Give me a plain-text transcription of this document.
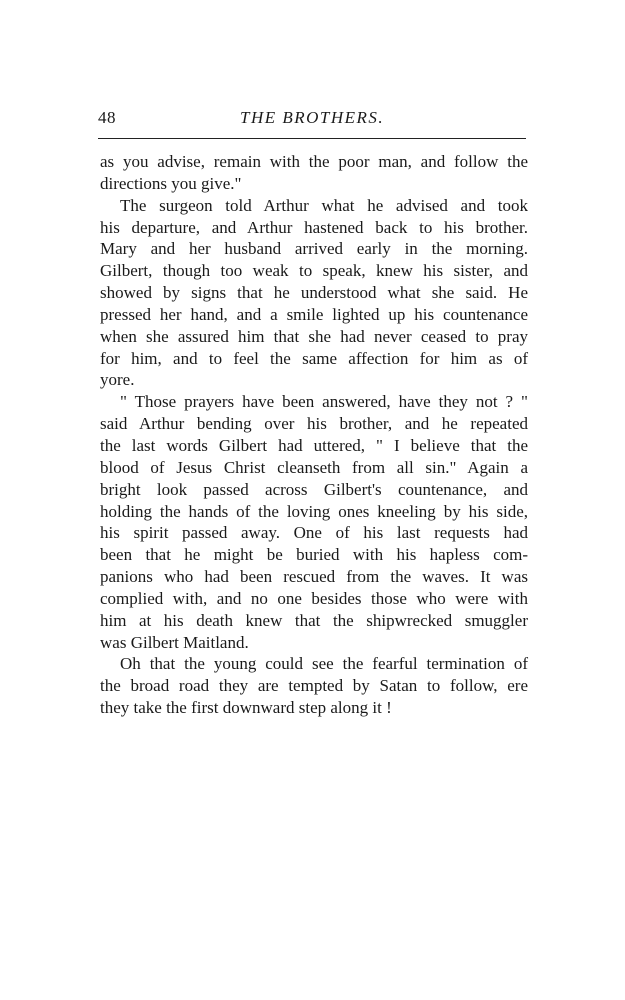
48	THE BROTHERS.
as you advise, remain with the poor man, and follow the
directions you give."
The surgeon told Arthur what he advised and took
his departure, and Arthur hastened back to his brother.
Mary and her husband arrived early in the morning.
Gilbert, though too weak to speak, knew his sister, and
showed by signs that he understood what she said. He
pressed her hand, and a smile lighted up his countenance
when she assured him that she had never ceased to pray
for him, and to feel the same affection for him as of
yore.
" Those prayers have been answered, have they not ? "
said Arthur bending over his brother, and he repeated
the last words Gilbert had uttered, " I believe that the
blood of Jesus Christ cleanseth from all sin." Again a
bright look passed across Gilbert's countenance, and
holding the hands of the loving ones kneeling by his side,
his spirit passed away. One of his last requests had
been that he might be buried with his hapless com-
panions who had been rescued from the waves. It was
complied with, and no one besides those who were with
him at his death knew that the shipwrecked smuggler
was Gilbert Maitland.
Oh that the young could see the fearful termination of
the broad road they are tempted by Satan to follow, ere
they take the first downward step along it !
